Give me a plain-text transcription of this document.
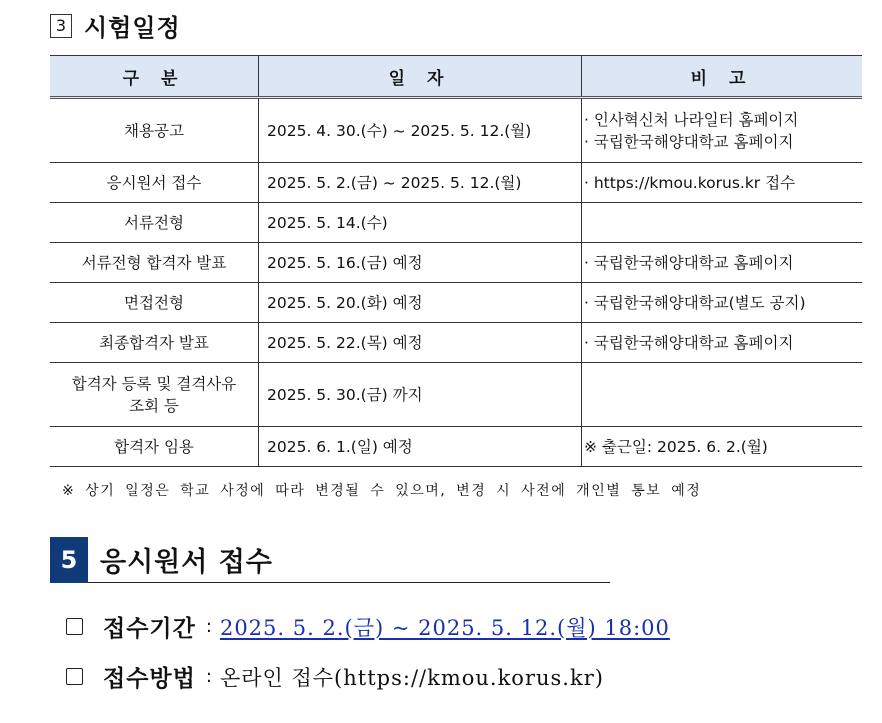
3 시험일정
구 분	일 자	비 고
채용공고	2025. 4. 30.(수) ~ 2025. 5. 12.(월)	· 인사혁신처 나라일터 홈페이지
· 국립한국해양대학교 홈페이지

응시원서 접수	2025. 5. 2.(금) ~ 2025. 5. 12.(월)	· https://kmou.korus.kr 접수

서류전형	2025. 5. 14.(수)	
서류전형 합격자 발표	2025. 5. 16.(금) 예정	· 국립한국해양대학교 홈페이지

면접전형	2025. 5. 20.(화) 예정	· 국립한국해양대학교(별도 공지)

최종합격자 발표	2025. 5. 22.(목) 예정	· 국립한국해양대학교 홈페이지

합격자 등록 및 결격사유
조회 등	2025. 5. 30.(금) 까지	
합격자 임용	2025. 6. 1.(일) 예정	※ 출근일: 2025. 6. 2.(월)
※ 상기 일정은 학교 사정에 따라 변경될 수 있으며, 변경 시 사전에 개인별 통보 예정
5 응시원서 접수
접수기간 : 2025. 5. 2.(금) ~ 2025. 5. 12.(월) 18:00
접수방법 : 온라인 접수(https://kmou.korus.kr)
